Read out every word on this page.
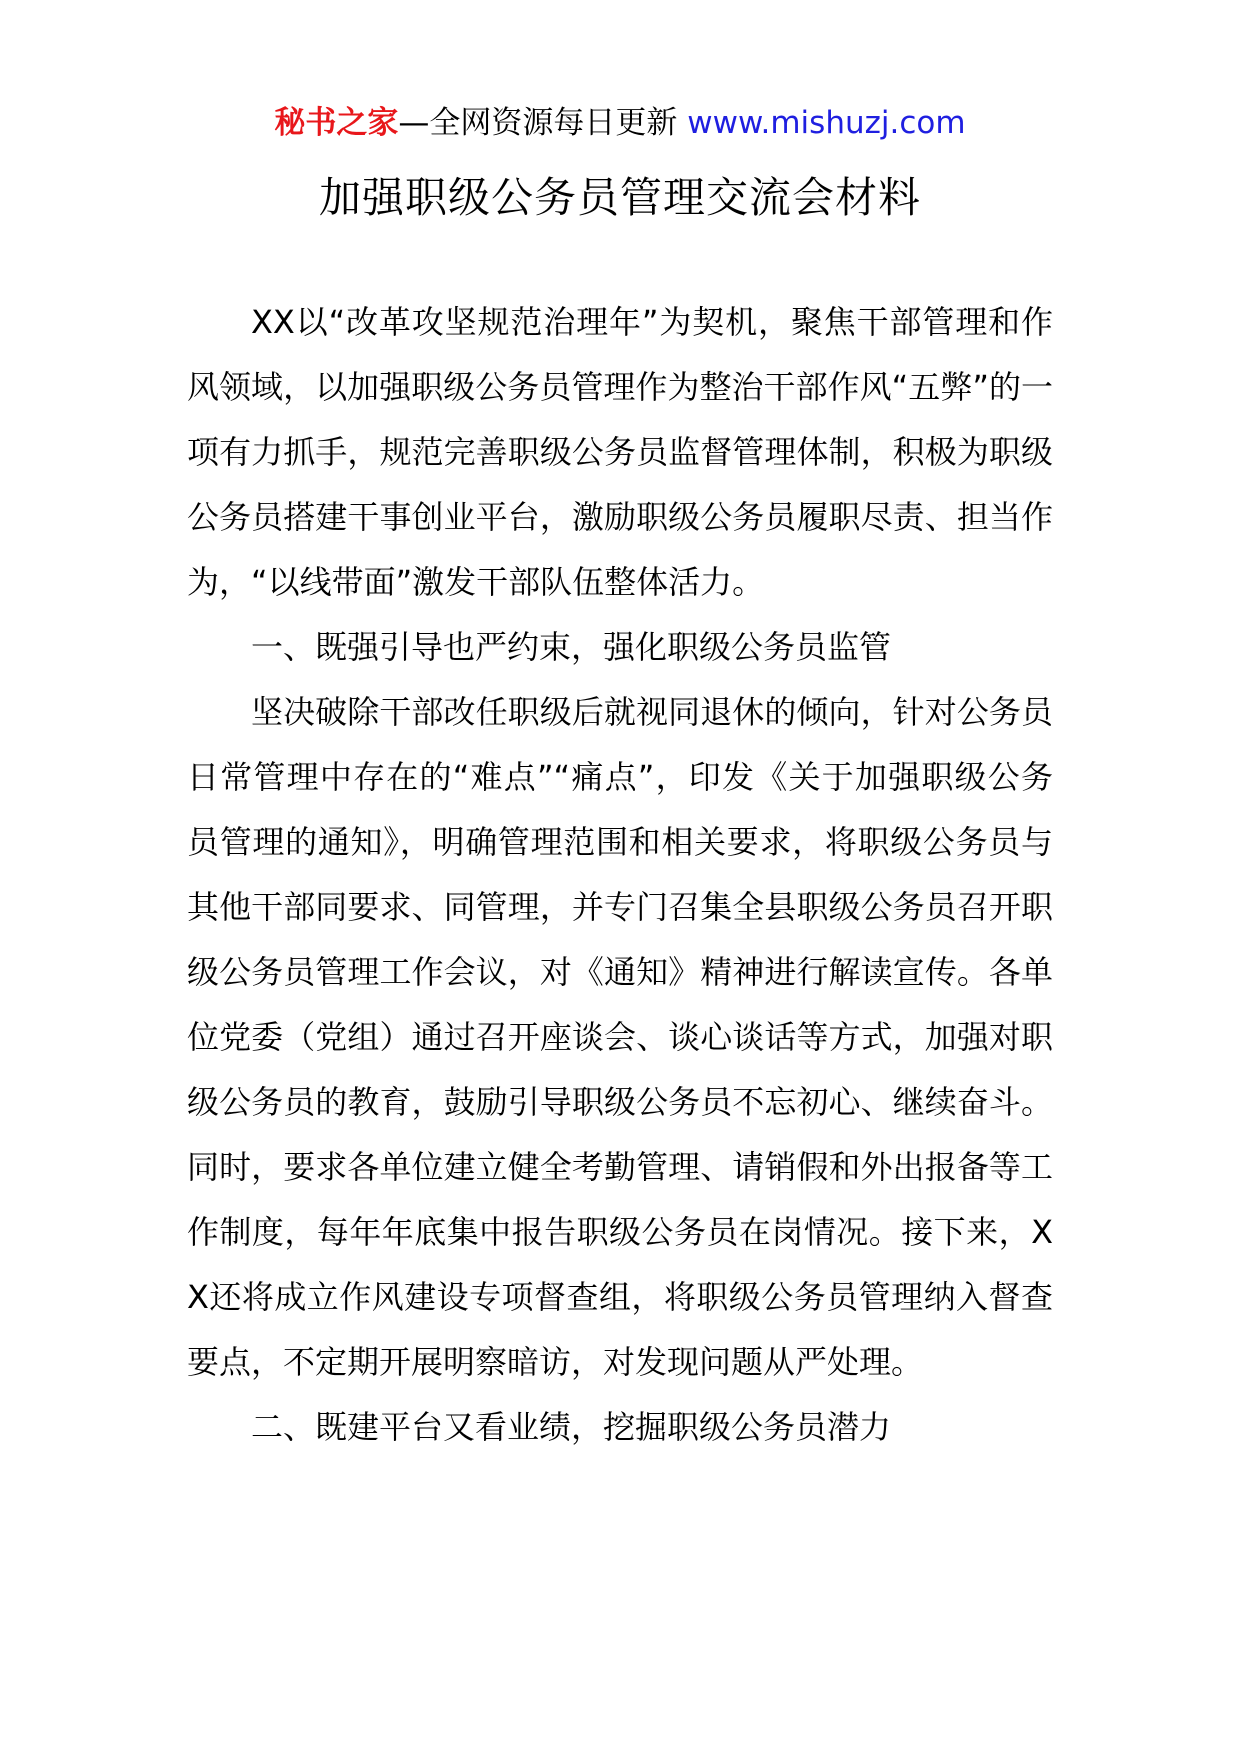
秘书之家—全网资源每日更新 www.mishuzj.com
加强职级公务员管理交流会材料

XX以“改革攻坚规范治理年”为契机，聚焦干部管理和作风领域，以加强职级公务员管理作为整治干部作风“五弊”的一项有力抓手，规范完善职级公务员监督管理体制，积极为职级公务员搭建干事创业平台，激励职级公务员履职尽责、担当作为，“以线带面”激发干部队伍整体活力。

一、既强引导也严约束，强化职级公务员监管

坚决破除干部改任职级后就视同退休的倾向，针对公务员日常管理中存在的“难点”“痛点”，印发《关于加强职级公务员管理的通知》，明确管理范围和相关要求，将职级公务员与其他干部同要求、同管理，并专门召集全县职级公务员召开职级公务员管理工作会议，对《通知》精神进行解读宣传。各单位党委（党组）通过召开座谈会、谈心谈话等方式，加强对职级公务员的教育，鼓励引导职级公务员不忘初心、继续奋斗。同时，要求各单位建立健全考勤管理、请销假和外出报备等工作制度，每年年底集中报告职级公务员在岗情况。接下来，XX还将成立作风建设专项督查组，将职级公务员管理纳入督查要点，不定期开展明察暗访，对发现问题从严处理。

二、既建平台又看业绩，挖掘职级公务员潜力
